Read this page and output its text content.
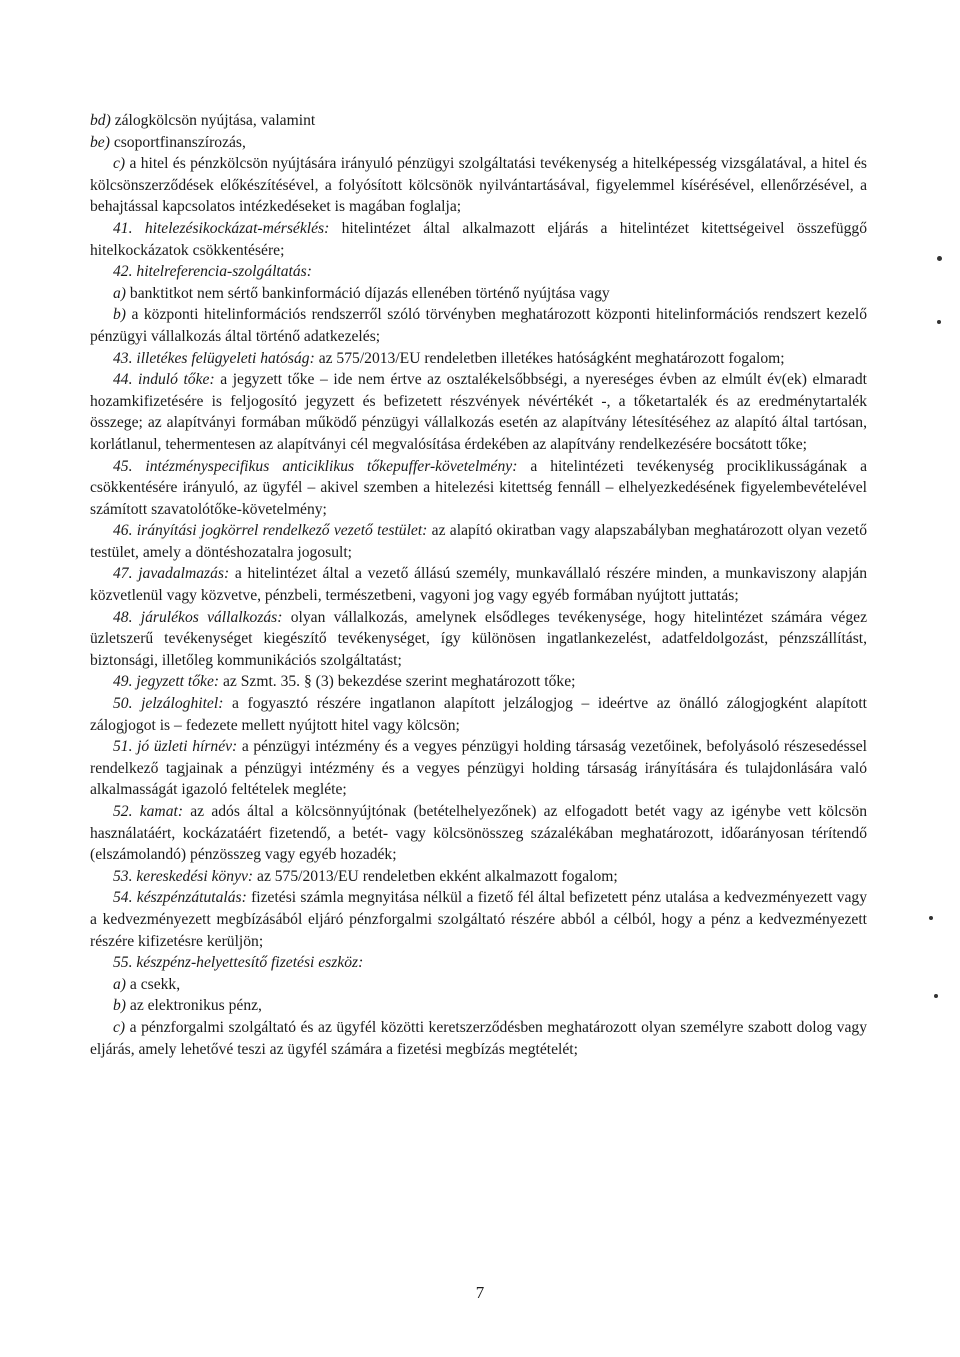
bd) zálogkölcsön nyújtása, valamint

be) csoportfinanszírozás,

c) a hitel és pénzkölcsön nyújtására irányuló pénzügyi szolgáltatási tevékenység a hitelképesség vizsgálatával, a hitel és kölcsönszerződések előkészítésével, a folyósított kölcsönök nyilvántartásával, figyelemmel kísérésével, ellenőrzésével, a behajtással kapcsolatos intézkedéseket is magában foglalja;

41. hitelezésikockázat-mérséklés: hitelintézet által alkalmazott eljárás a hitelintézet kitettségeivel összefüggő hitelkockázatok csökkentésére;

42. hitelreferencia-szolgáltatás:

a) banktitkot nem sértő bankinformáció díjazás ellenében történő nyújtása vagy

b) a központi hitelinformációs rendszerről szóló törvényben meghatározott központi hitelinformációs rendszert kezelő pénzügyi vállalkozás által történő adatkezelés;

43. illetékes felügyeleti hatóság: az 575/2013/EU rendeletben illetékes hatóságként meghatározott fogalom;

44. induló tőke: a jegyzett tőke – ide nem értve az osztalékelsőbbségi, a nyereséges évben az elmúlt év(ek) elmaradt hozamkifizetésére is feljogosító jegyzett és befizetett részvények névértékét -, a tőketartalék és az eredménytartalék összege; az alapítványi formában működő pénzügyi vállalkozás esetén az alapítvány létesítéséhez az alapító által tartósan, korlátlanul, tehermentesen az alapítványi cél megvalósítása érdekében az alapítvány rendelkezésére bocsátott tőke;

45. intézményspecifikus anticiklikus tőkepuffer-követelmény: a hitelintézeti tevékenység prociklikusságának a csökkentésére irányuló, az ügyfél – akivel szemben a hitelezési kitettség fennáll – elhelyezkedésének figyelembevételével számított szavatolótőke-követelmény;

46. irányítási jogkörrel rendelkező vezető testület: az alapító okiratban vagy alapszabályban meghatározott olyan vezető testület, amely a döntéshozatalra jogosult;

47. javadalmazás: a hitelintézet által a vezető állású személy, munkavállaló részére minden, a munkaviszony alapján közvetlenül vagy közvetve, pénzbeli, természetbeni, vagyoni jog vagy egyéb formában nyújtott juttatás;

48. járulékos vállalkozás: olyan vállalkozás, amelynek elsődleges tevékenysége, hogy hitelintézet számára végez üzletszerű tevékenységet kiegészítő tevékenységet, így különösen ingatlankezelést, adatfeldolgozást, pénzszállítást, biztonsági, illetőleg kommunikációs szolgáltatást;

49. jegyzett tőke: az Szmt. 35. § (3) bekezdése szerint meghatározott tőke;

50. jelzáloghitel: a fogyasztó részére ingatlanon alapított jelzálogjog – ideértve az önálló zálogjogként alapított zálogjogot is – fedezete mellett nyújtott hitel vagy kölcsön;

51. jó üzleti hírnév: a pénzügyi intézmény és a vegyes pénzügyi holding társaság vezetőinek, befolyásoló részesedéssel rendelkező tagjainak a pénzügyi intézmény és a vegyes pénzügyi holding társaság irányítására és tulajdonlására való alkalmasságát igazoló feltételek megléte;

52. kamat: az adós által a kölcsönnyújtónak (betételhelyezőnek) az elfogadott betét vagy az igénybe vett kölcsön használatáért, kockázatáért fizetendő, a betét- vagy kölcsönösszeg százalékában meghatározott, időarányosan térítendő (elszámolandó) pénzösszeg vagy egyéb hozadék;

53. kereskedési könyv: az 575/2013/EU rendeletben ekként alkalmazott fogalom;

54. készpénzátutalás: fizetési számla megnyitása nélkül a fizető fél által befizetett pénz utalása a kedvezményezett vagy a kedvezményezett megbízásából eljáró pénzforgalmi szolgáltató részére abból a célból, hogy a pénz a kedvezményezett részére kifizetésre kerüljön;

55. készpénz-helyettesítő fizetési eszköz:

a) a csekk,

b) az elektronikus pénz,

c) a pénzforgalmi szolgáltató és az ügyfél közötti keretszerződésben meghatározott olyan személyre szabott dolog vagy eljárás, amely lehetővé teszi az ügyfél számára a fizetési megbízás megtételét;

7
